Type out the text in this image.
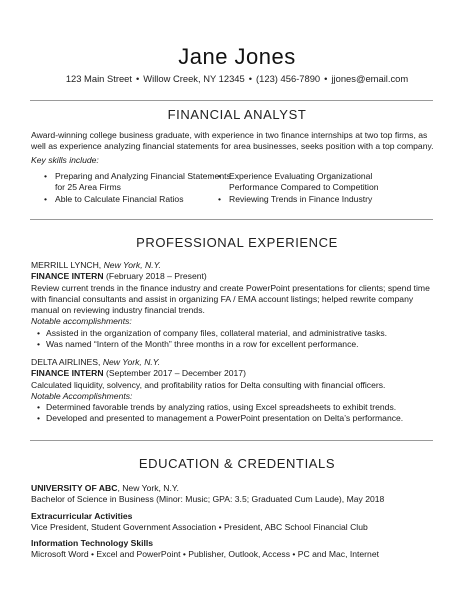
Jane Jones
123 Main Street • Willow Creek, NY 12345 • (123) 456-7890 • jjones@email.com
FINANCIAL ANALYST

Award-winning college business graduate, with experience in two finance internships at two top firms, as well as experience analyzing financial statements for area businesses, seeks position with a top company.

Key skills include:

• Preparing and Analyzing Financial Statements for 25 Area Firms
• Able to Calculate Financial Ratios
• Experience Evaluating Organizational Performance Compared to Competition
• Reviewing Trends in Finance Industry
PROFESSIONAL EXPERIENCE

MERRILL LYNCH, New York, N.Y.

FINANCE INTERN (February 2018 – Present)

Review current trends in the finance industry and create PowerPoint presentations for clients; spend time with financial consultants and assist in organizing FA / EMA account listings; helped rewrite company manual on reviewing industry financial trends.

Notable accomplishments:

• Assisted in the organization of company files, collateral material, and administrative tasks.
• Was named “Intern of the Month” three months in a row for excellent performance.

DELTA AIRLINES, New York, N.Y.

FINANCE INTERN (September 2017 – December 2017)

Calculated liquidity, solvency, and profitability ratios for Delta consulting with financial officers.

Notable Accomplishments:

• Determined favorable trends by analyzing ratios, using Excel spreadsheets to exhibit trends.
• Developed and presented to management a PowerPoint presentation on Delta’s performance.
EDUCATION & CREDENTIALS

UNIVERSITY OF ABC, New York, N.Y.

Bachelor of Science in Business (Minor: Music; GPA: 3.5; Graduated Cum Laude), May 2018

Extracurricular Activities

Vice President, Student Government Association • President, ABC School Financial Club

Information Technology Skills

Microsoft Word • Excel and PowerPoint • Publisher, Outlook, Access • PC and Mac, Internet
